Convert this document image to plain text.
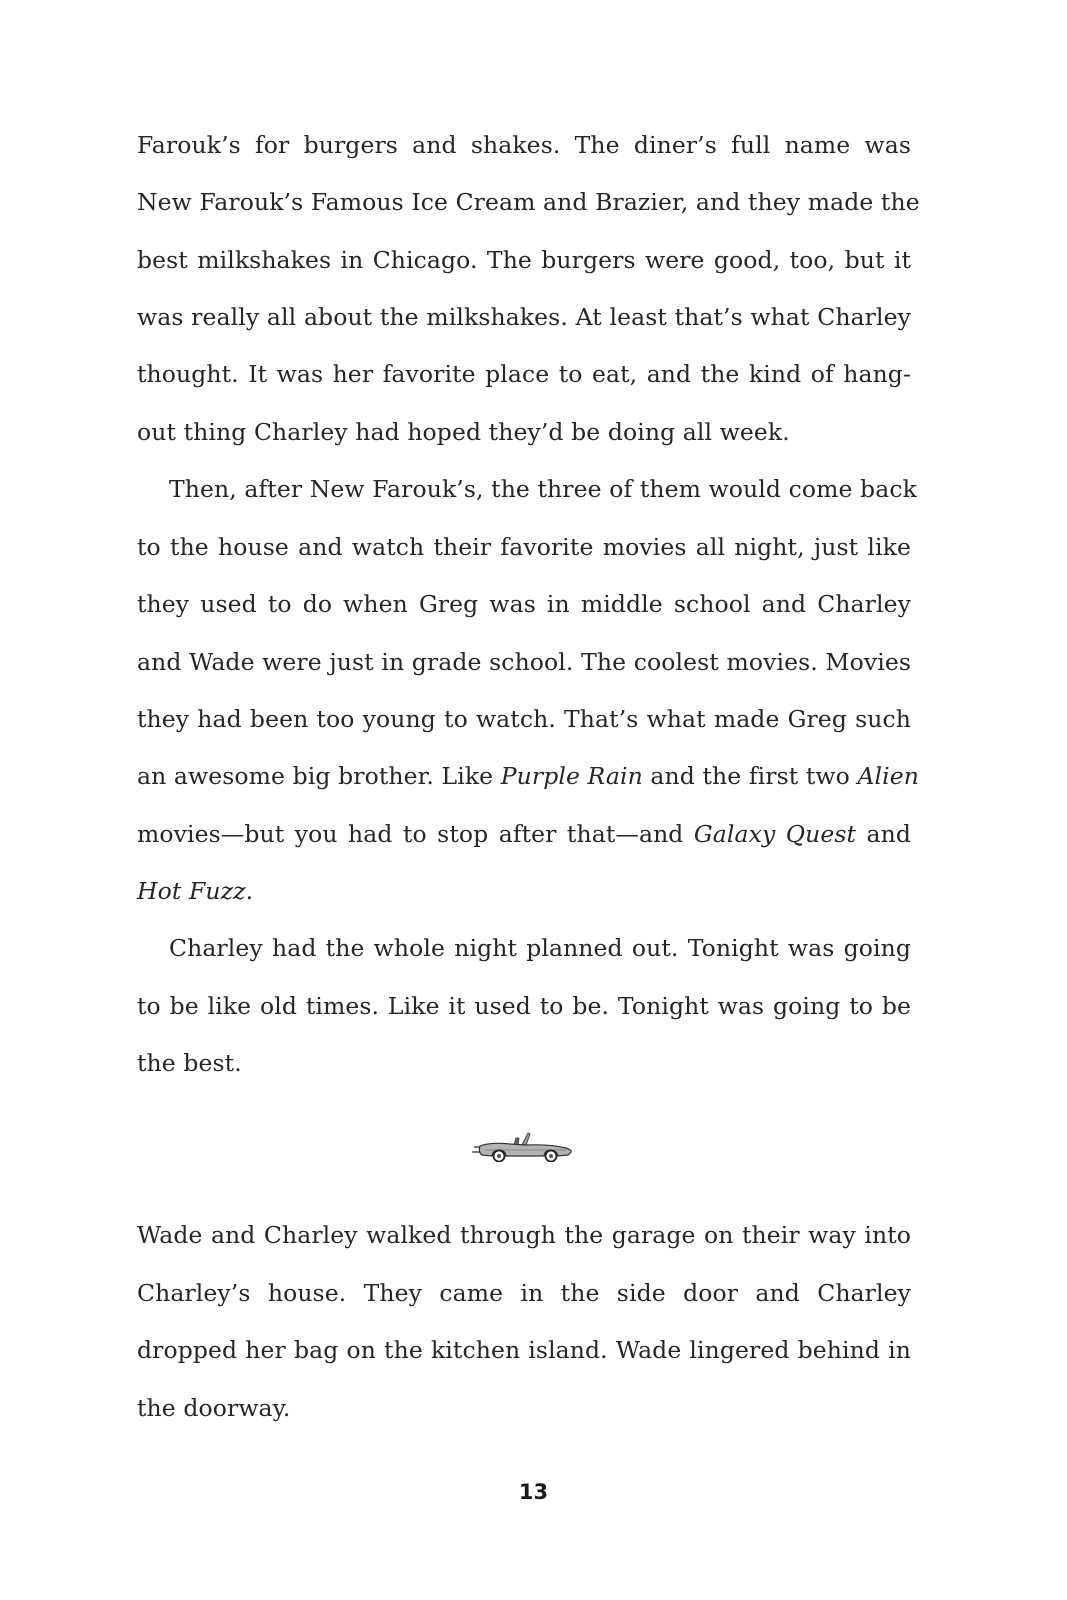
Farouk’s for burgers and shakes. The diner’s full name was
New Farouk’s Famous Ice Cream and Brazier, and they made the
best milkshakes in Chicago. The burgers were good, too, but it
was really all about the milkshakes. At least that’s what Charley
thought. It was her favorite place to eat, and the kind of hang-
out thing Charley had hoped they’d be doing all week.
Then, after New Farouk’s, the three of them would come back
to the house and watch their favorite movies all night, just like
they used to do when Greg was in middle school and Charley
and Wade were just in grade school. The coolest movies. Movies
they had been too young to watch. That’s what made Greg such
an awesome big brother. Like Purple Rain and the first two Alien
movies—but you had to stop after that—and Galaxy Quest and
Hot Fuzz.
Charley had the whole night planned out. Tonight was going
to be like old times. Like it used to be. Tonight was going to be
the best.
Wade and Charley walked through the garage on their way into
Charley’s house. They came in the side door and Charley
dropped her bag on the kitchen island. Wade lingered behind in
the doorway.
13
